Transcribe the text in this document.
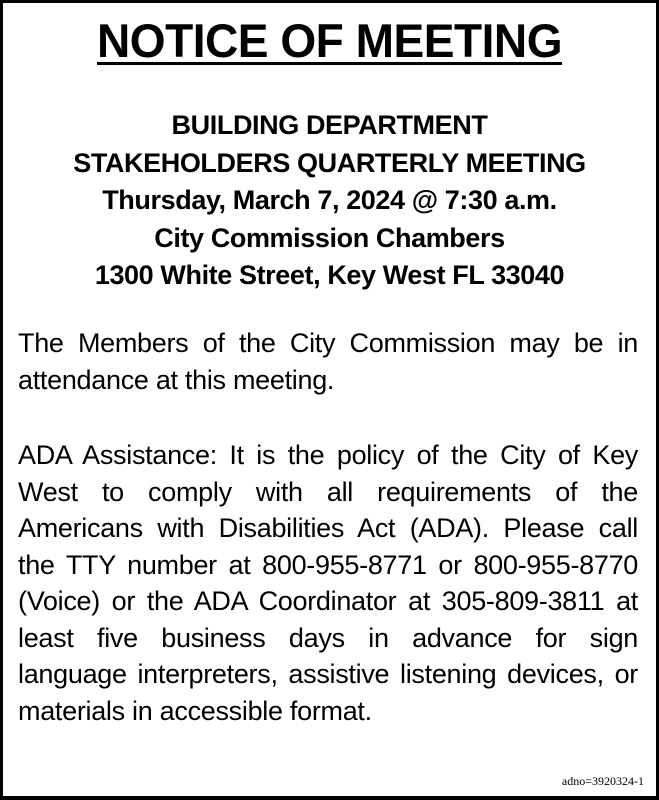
NOTICE OF MEETING
BUILDING DEPARTMENT
STAKEHOLDERS QUARTERLY MEETING
Thursday, March 7, 2024 @ 7:30 a.m.
City Commission Chambers
1300 White Street, Key West FL 33040
The Members of the City Commission may be in attendance at this meeting.
ADA Assistance: It is the policy of the City of Key West to comply with all requirements of the Americans with Disabilities Act (ADA). Please call the TTY number at 800-955-8771 or 800-955-8770 (Voice) or the ADA Coordinator at 305-809-3811 at least five business days in advance for sign language interpreters, assistive listening devices, or materials in accessible format.
adno=3920324-1
